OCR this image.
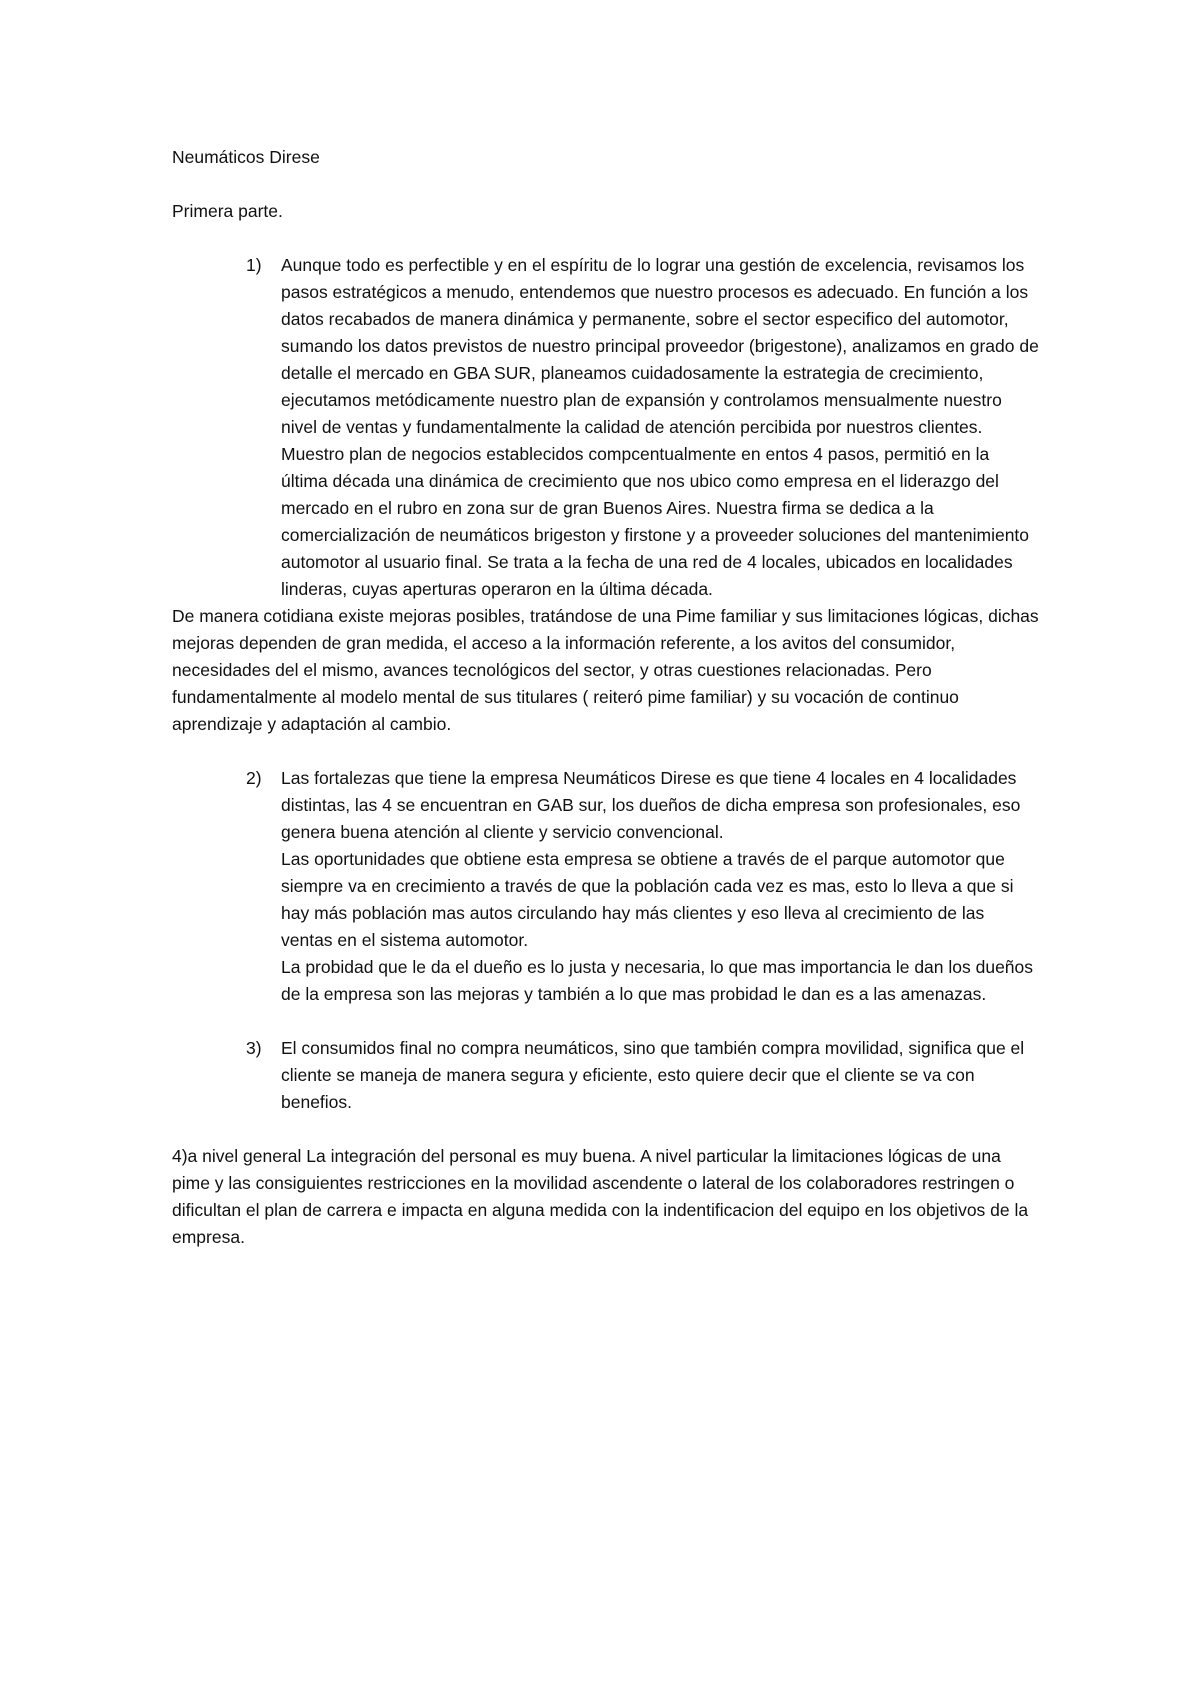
Neumáticos Direse

Primera parte.

1) Aunque todo es perfectible y en el espíritu de lo lograr una gestión de excelencia, revisamos los pasos estratégicos a menudo, entendemos que nuestro procesos es adecuado. En función a los datos recabados de manera dinámica y permanente, sobre el sector especifico del automotor, sumando los datos previstos de nuestro principal proveedor (brigestone), analizamos en grado de detalle el mercado en GBA SUR, planeamos cuidadosamente la estrategia de crecimiento, ejecutamos metódicamente nuestro plan de expansión y controlamos mensualmente nuestro nivel de ventas y fundamentalmente la calidad de atención percibida por nuestros clientes. Muestro plan de negocios establecidos compcentualmente en entos 4 pasos, permitió en la última década una dinámica de crecimiento que nos ubico como empresa en el liderazgo del mercado en el rubro en zona sur de gran Buenos Aires. Nuestra firma se dedica a la comercialización de neumáticos brigeston y firstone y a proveeder soluciones del mantenimiento automotor al usuario final. Se trata a la fecha de una red de 4 locales, ubicados en localidades linderas, cuyas aperturas operaron en la última década.

De manera cotidiana existe mejoras posibles, tratándose de una Pime familiar y sus limitaciones lógicas, dichas mejoras dependen de gran medida, el acceso a la información referente, a los avitos del consumidor, necesidades del el mismo, avances tecnológicos del sector, y otras cuestiones relacionadas. Pero fundamentalmente al modelo mental de sus titulares ( reiteró pime familiar) y su vocación de continuo aprendizaje y adaptación al cambio.

2) Las fortalezas que tiene la empresa Neumáticos Direse es que tiene 4 locales en 4 localidades distintas, las 4 se encuentran en GAB sur, los dueños de dicha empresa son profesionales, eso genera buena atención al cliente y servicio convencional.
Las oportunidades que obtiene esta empresa se obtiene a través de el parque automotor que siempre va en crecimiento a través de que la población cada vez es mas, esto lo lleva a que si hay más población mas autos circulando hay más clientes y eso lleva al crecimiento de las ventas en el sistema automotor.
La probidad que le da el dueño es lo justa y necesaria, lo que mas importancia le dan los dueños de la empresa son las mejoras y también a lo que mas probidad le dan es a las amenazas.
3) El consumidos final no compra neumáticos, sino que también compra movilidad, significa que el cliente se maneja de manera segura y eficiente, esto quiere decir que el cliente se va con benefios.

4)a nivel general La integración del personal es muy buena. A nivel particular la limitaciones lógicas de una pime y las consiguientes restricciones en la movilidad ascendente o lateral de los colaboradores restringen o dificultan el plan de carrera e impacta en alguna medida con la indentificacion del equipo en los objetivos de la empresa.
